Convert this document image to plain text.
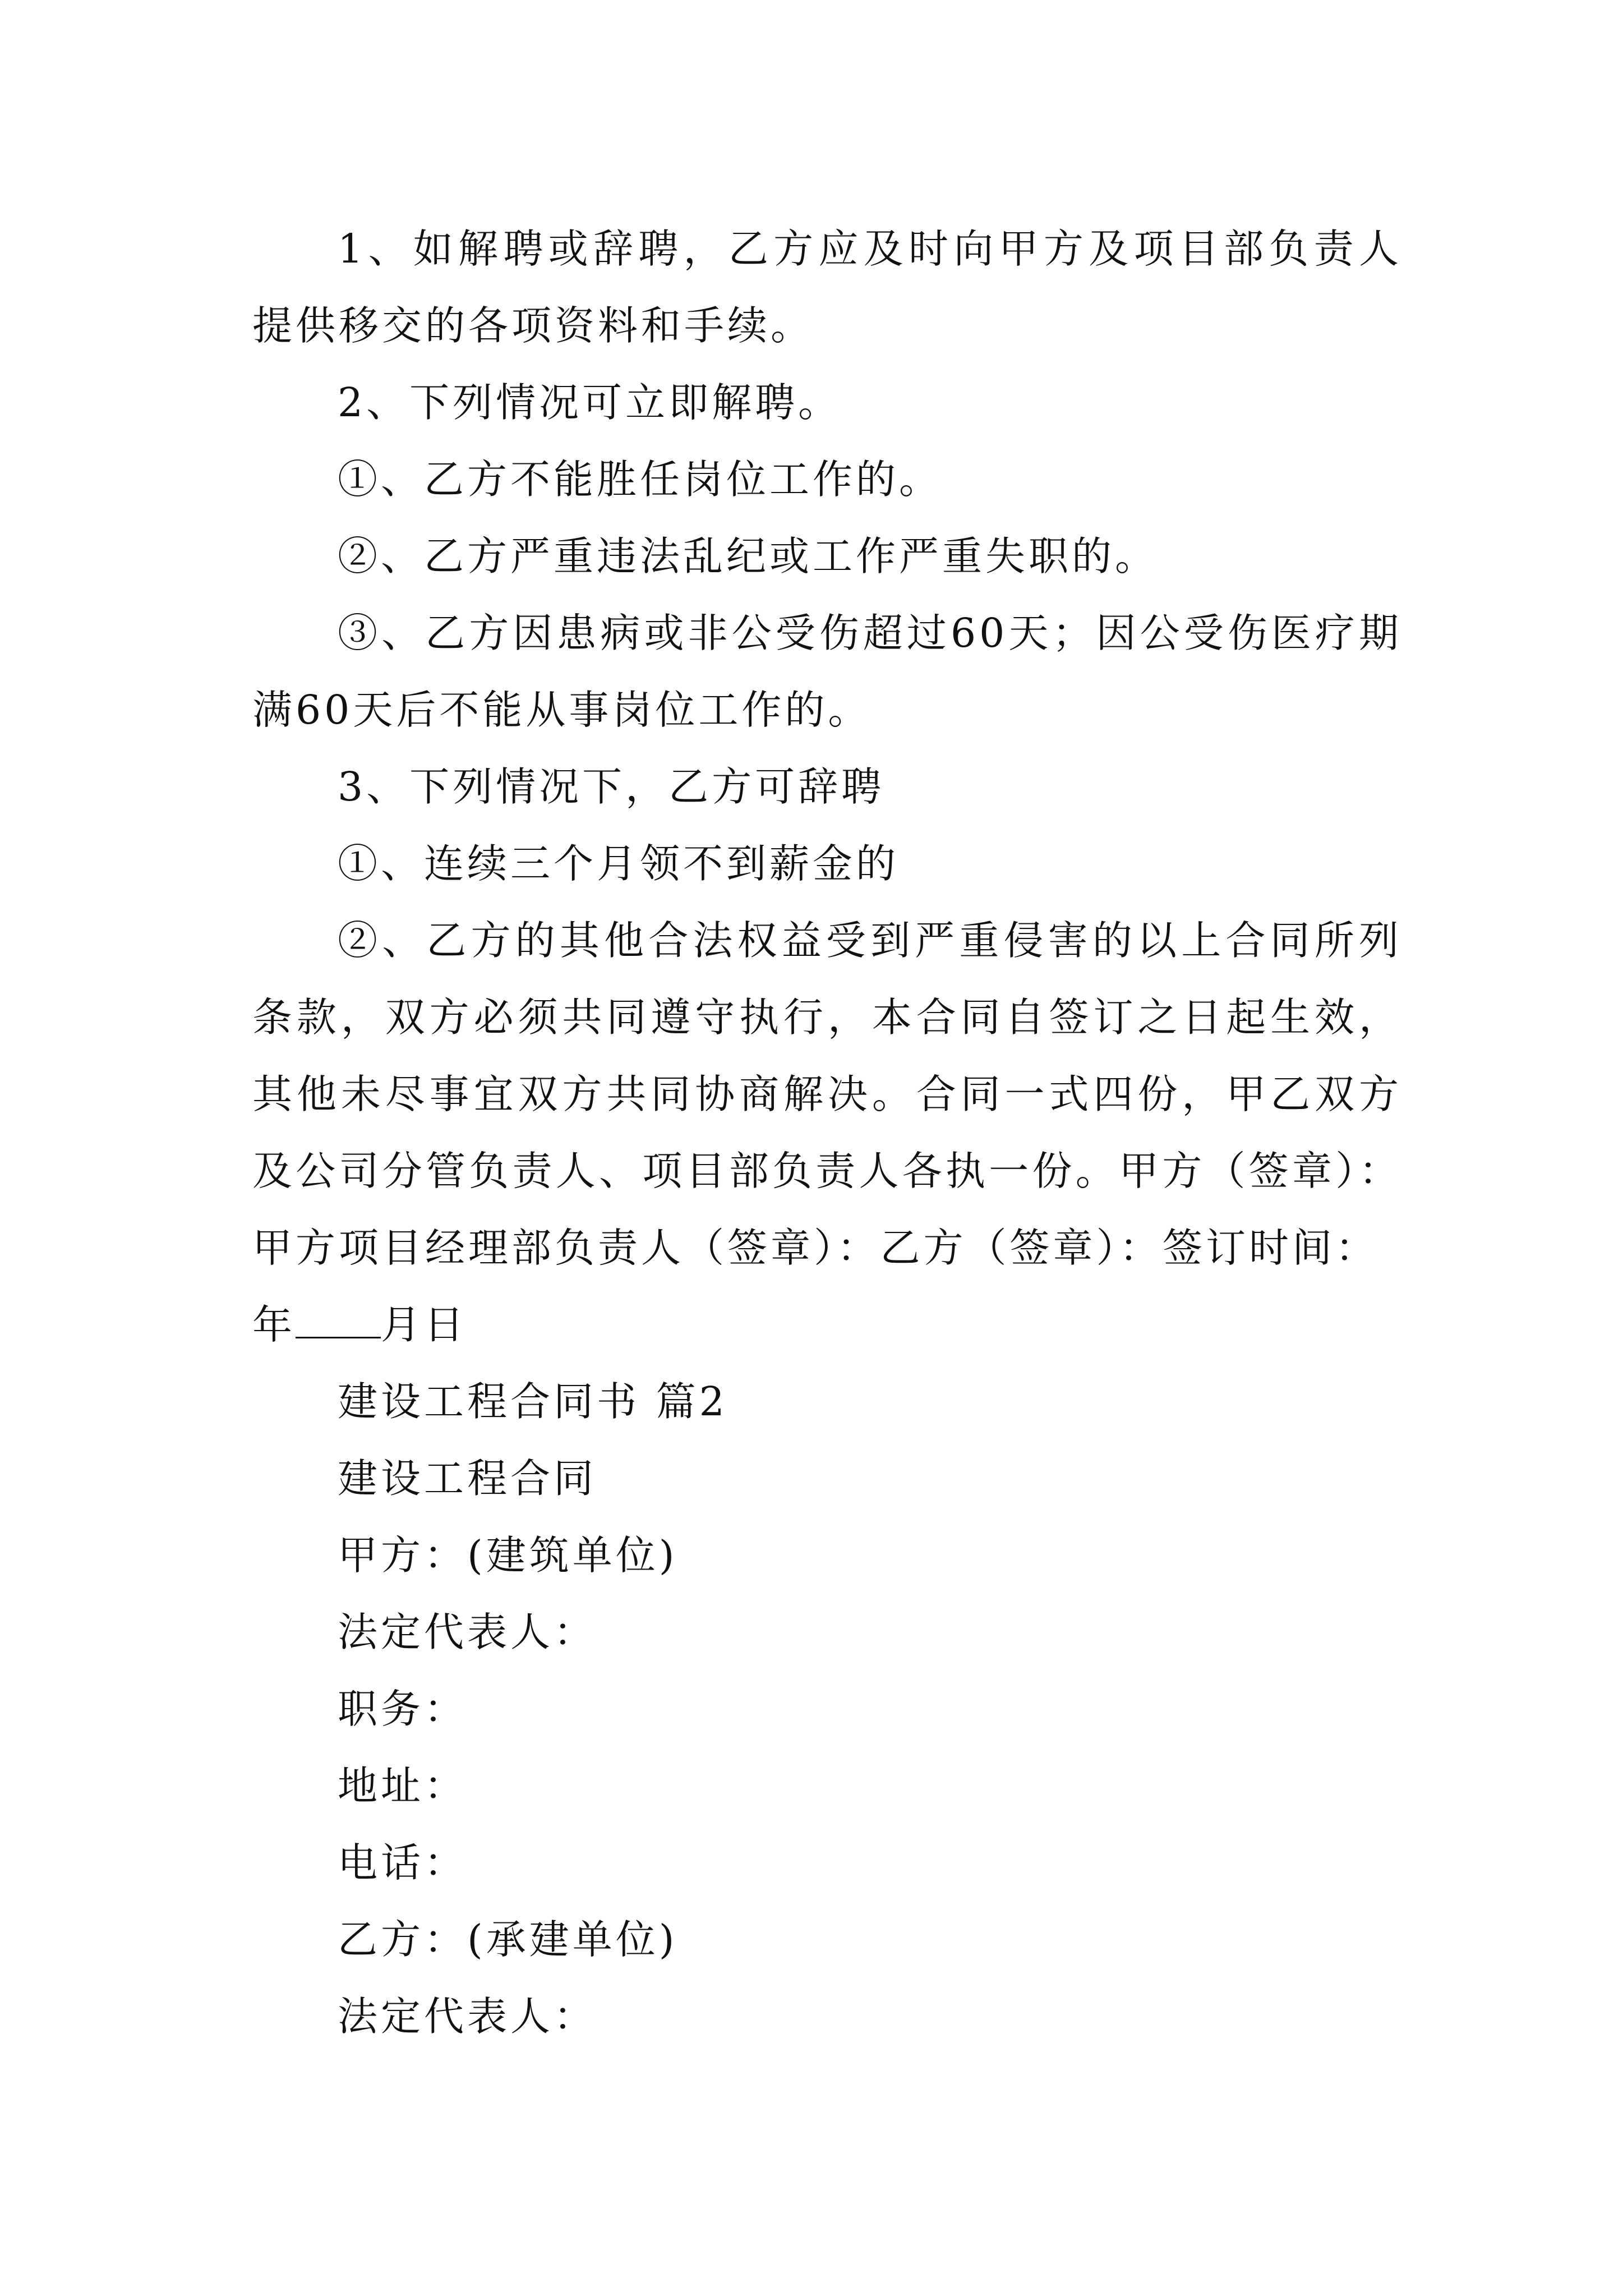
1、如解聘或辞聘，乙方应及时向甲方及项目部负责人提供移交的各项资料和手续。

2、下列情况可立即解聘。

①、乙方不能胜任岗位工作的。

②、乙方严重违法乱纪或工作严重失职的。

③、乙方因患病或非公受伤超过60天；因公受伤医疗期满60天后不能从事岗位工作的。

3、下列情况下，乙方可辞聘

①、连续三个月领不到薪金的

②、乙方的其他合法权益受到严重侵害的以上合同所列条款，双方必须共同遵守执行，本合同自签订之日起生效，其他未尽事宜双方共同协商解决。合同一式四份，甲乙双方及公司分管负责人、项目部负责人各执一份。甲方（签章）：甲方项目经理部负责人（签章）：乙方（签章）：签订时间：

年 月日

建设工程合同书 篇2

建设工程合同

甲方：(建筑单位)

法定代表人：

职务：

地址：

电话：

乙方：(承建单位)

法定代表人：
